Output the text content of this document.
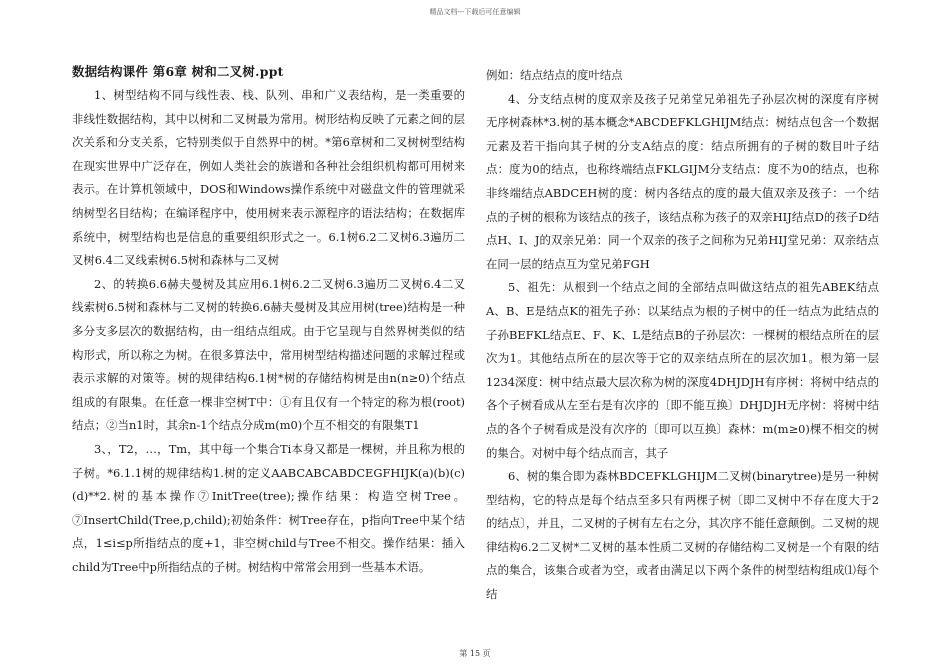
精品文档---下载后可任意编辑

数据结构课件 第6章 树和二叉树.ppt

1、树型结构不同与线性表、栈、队列、串和广义表结构，是一类重要的非线性数据结构，其中以树和二叉树最为常用。树形结构反映了元素之间的层次关系和分支关系，它特别类似于自然界中的树。*第6章树和二叉树树型结构在现实世界中广泛存在，例如人类社会的族谱和各种社会组织机构都可用树来表示。在计算机领域中，DOS和Windows操作系统中对磁盘文件的管理就采纳树型名目结构；在编译程序中，使用树来表示源程序的语法结构；在数据库系统中，树型结构也是信息的重要组织形式之一。6.1树6.2二叉树6.3遍历二叉树6.4二叉线索树6.5树和森林与二叉树

2、的转换6.6赫夫曼树及其应用6.1树6.2二叉树6.3遍历二叉树6.4二叉线索树6.5树和森林与二叉树的转换6.6赫夫曼树及其应用树(tree)结构是一种多分支多层次的数据结构，由一组结点组成。由于它呈现与自然界树类似的结构形式，所以称之为树。在很多算法中，常用树型结构描述问题的求解过程或表示求解的对策等。树的规律结构6.1树*树的存储结构树是由n(n≥0)个结点组成的有限集。在任意一棵非空树T中：①有且仅有一个特定的称为根(root)结点；②当n1时，其余n-1个结点分成m(m0)个互不相交的有限集T1

3、，T2，…，Tm，其中每一个集合Ti本身又都是一棵树，并且称为根的子树。*6.1.1树的规律结构1.树的定义AABCABCABDCEGFHIJK(a)(b)(c)(d)**2.树的基本操作⑦InitTree(tree);操作结果：构造空树Tree。⑦InsertChild(Tree,p,child);初始条件：树Tree存在，p指向Tree中某个结点，1≤i≤p所指结点的度+1，非空树child与Tree不相交。操作结果：插入child为Tree中p所指结点的子树。树结构中常常会用到一些基本术语。

例如：结点结点的度叶结点

4、分支结点树的度双亲及孩子兄弟堂兄弟祖先子孙层次树的深度有序树无序树森林*3.树的基本概念*ABCDEFKLGHIJM结点：树结点包含一个数据元素及若干指向其子树的分支A结点的度：结点所拥有的子树的数目叶子结点：度为0的结点，也称终端结点FKLGIJM分支结点：度不为0的结点，也称非终端结点ABDCEH树的度：树内各结点的度的最大值双亲及孩子：一个结点的子树的根称为该结点的孩子，该结点称为孩子的双亲HIJ结点D的孩子D结点H、I、J的双亲兄弟：同一个双亲的孩子之间称为兄弟HIJ堂兄弟：双亲结点在同一层的结点互为堂兄弟FGH

5、祖先：从根到一个结点之间的全部结点叫做这结点的祖先ABEK结点A、B、E是结点K的祖先子孙：以某结点为根的子树中的任一结点为此结点的子孙BEFKL结点E、F、K、L是结点B的子孙层次：一棵树的根结点所在的层次为1。其他结点所在的层次等于它的双亲结点所在的层次加1。根为第一层1234深度：树中结点最大层次称为树的深度4DHJDJH有序树：将树中结点的各个子树看成从左至右是有次序的〔即不能互换〕DHJDJH无序树：将树中结点的各个子树看成是没有次序的〔即可以互换〕森林：m(m≥0)棵不相交的树的集合。对树中每个结点而言，其子

6、树的集合即为森林BDCEFKLGHIJM二叉树(binarytree)是另一种树型结构，它的特点是每个结点至多只有两棵子树〔即二叉树中不存在度大于2的结点〕，并且，二叉树的子树有左右之分，其次序不能任意颠倒。二叉树的规律结构6.2二叉树*二叉树的基本性质二叉树的存储结构二叉树是一个有限的结点的集合，该集合或者为空，或者由满足以下两个条件的树型结构组成⑴每个结

第 15 页
